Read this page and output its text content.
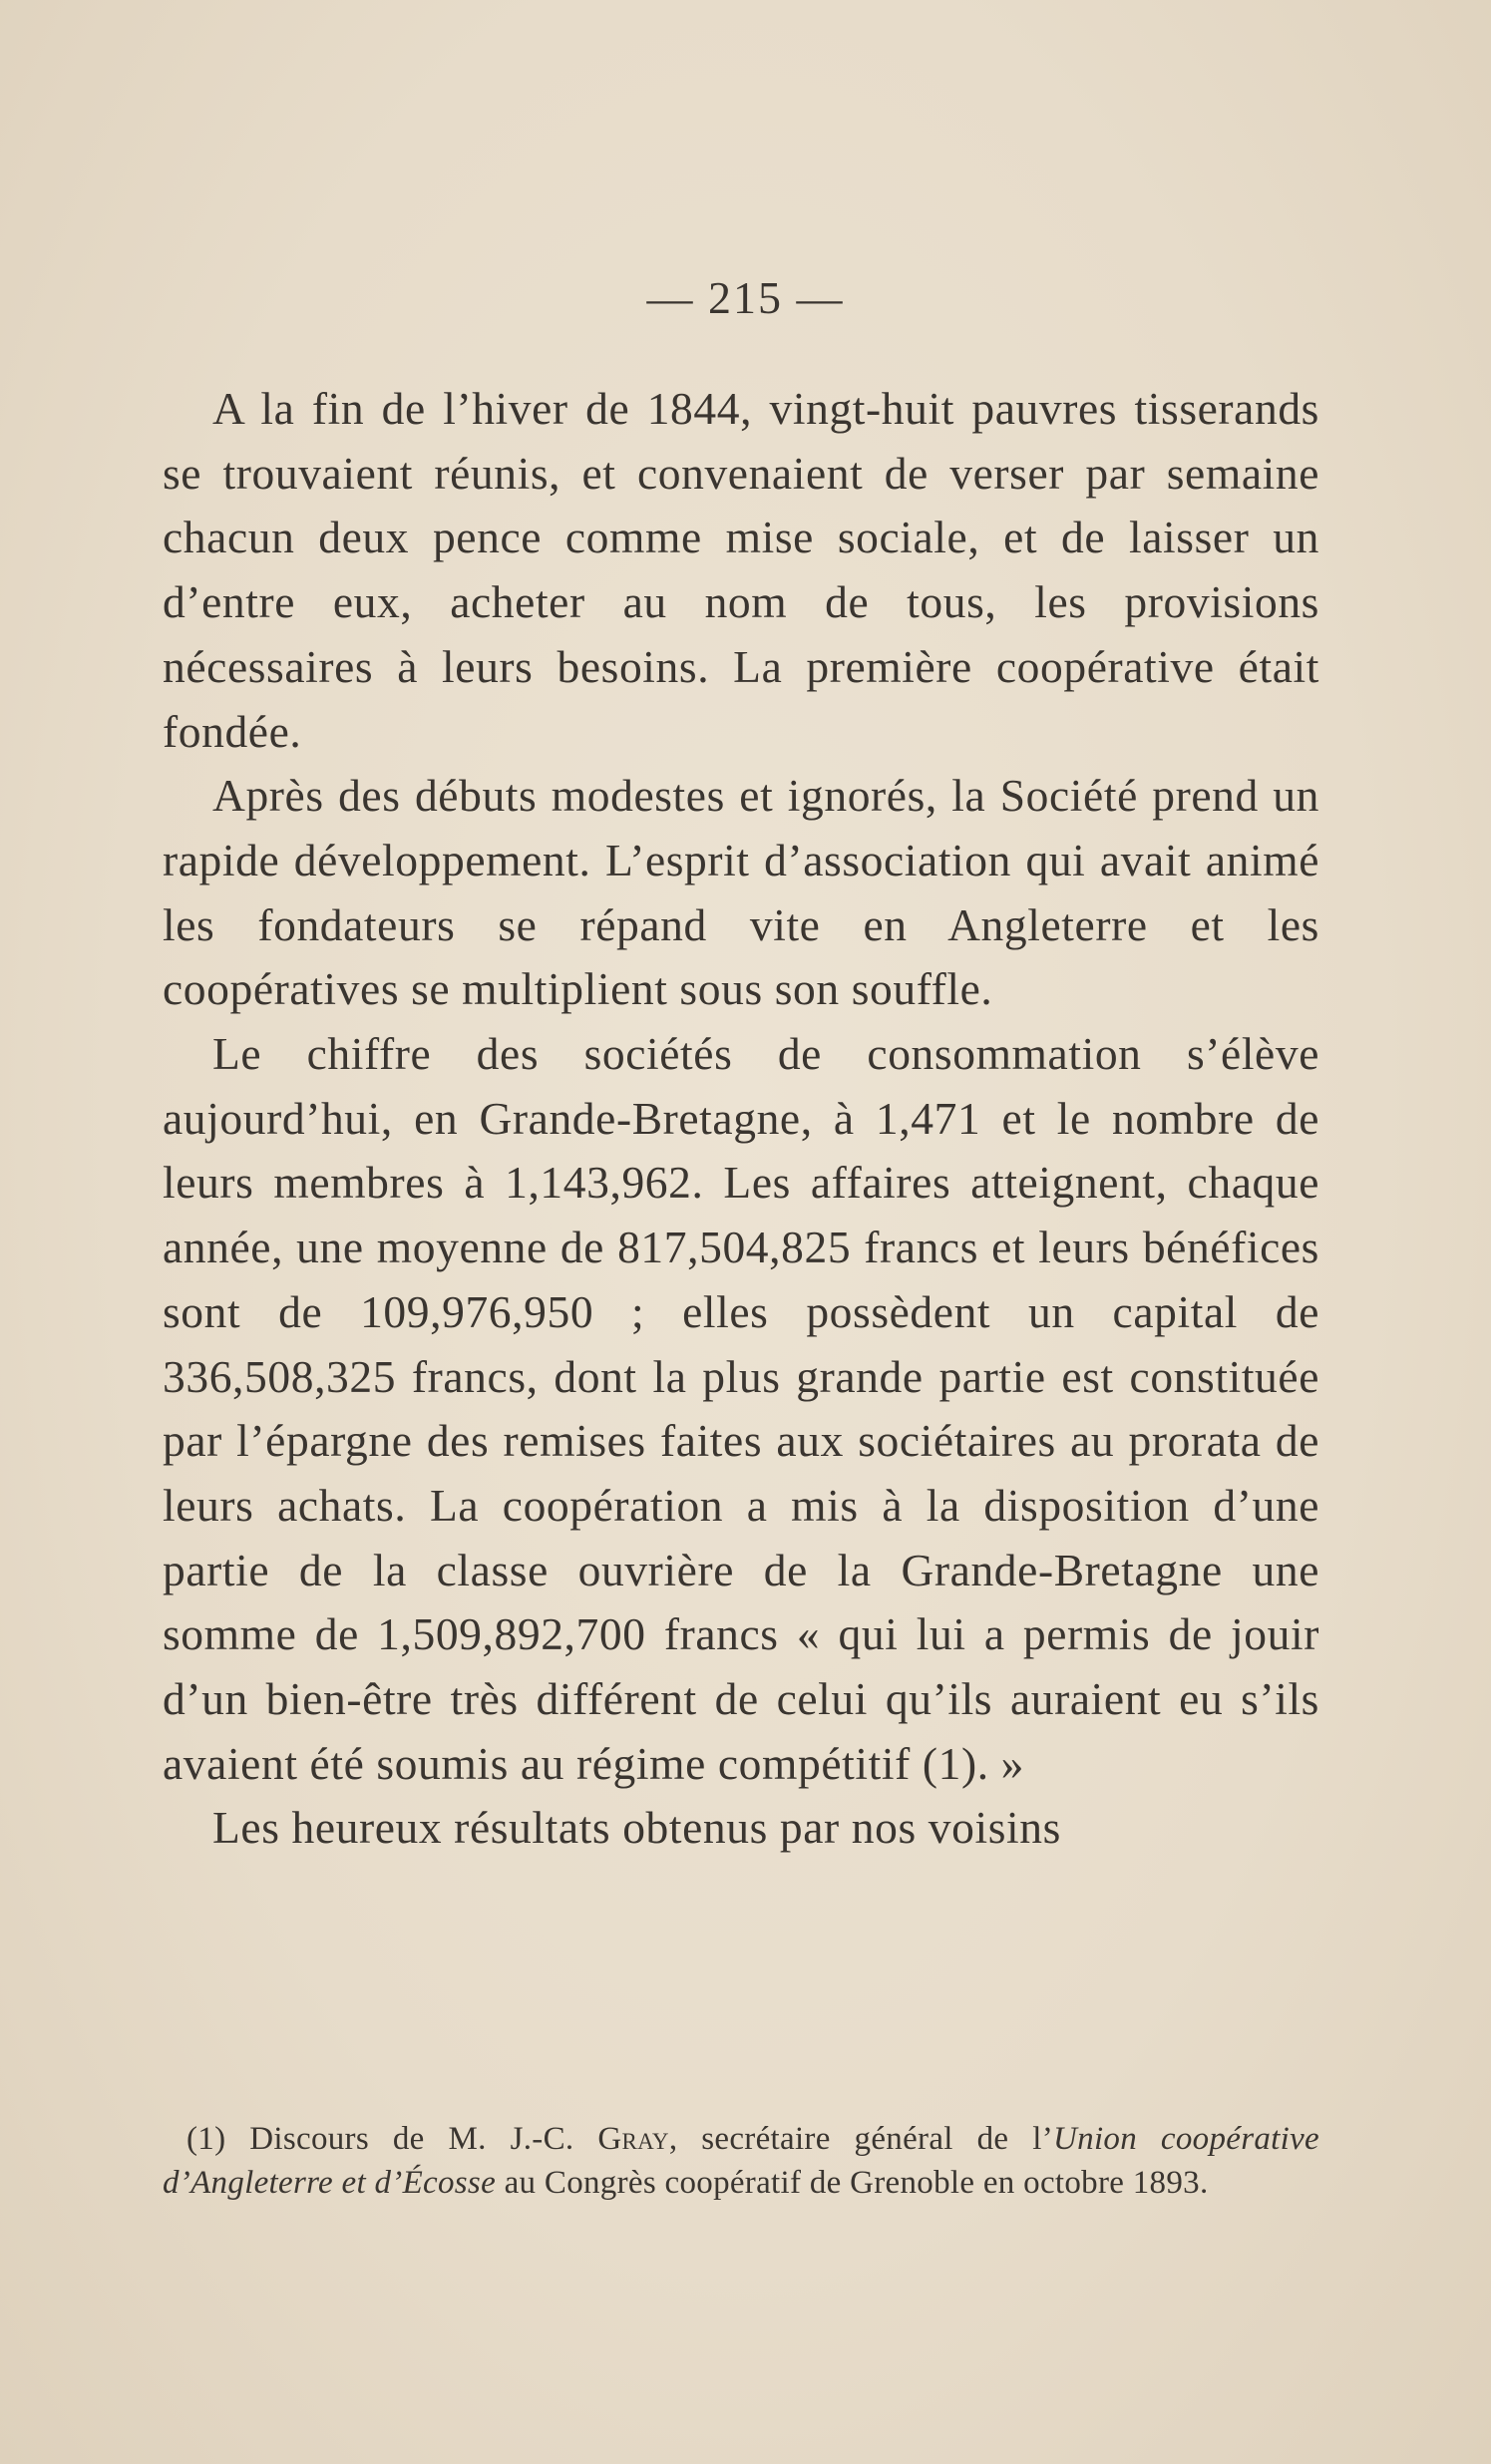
— 215 —

A la fin de l’hiver de 1844, vingt-huit pauvres tisserands se trouvaient réunis, et convenaient de verser par semaine chacun deux pence comme mise sociale, et de laisser un d’entre eux, acheter au nom de tous, les provisions nécessaires à leurs besoins. La première coopérative était fondée.

Après des débuts modestes et ignorés, la Société prend un rapide développement. L’esprit d’association qui avait animé les fondateurs se répand vite en Angleterre et les coopératives se multiplient sous son souffle.

Le chiffre des sociétés de consommation s’élève aujourd’hui, en Grande-Bretagne, à 1,471 et le nombre de leurs membres à 1,143,962. Les affaires atteignent, chaque année, une moyenne de 817,504,825 francs et leurs bénéfices sont de 109,976,950 ; elles possèdent un capital de 336,508,325 francs, dont la plus grande partie est constituée par l’épargne des remises faites aux sociétaires au prorata de leurs achats. La coopération a mis à la disposition d’une partie de la classe ouvrière de la Grande-Bretagne une somme de 1,509,892,700 francs « qui lui a permis de jouir d’un bien-être très différent de celui qu’ils auraient eu s’ils avaient été soumis au régime compétitif (1). »

Les heureux résultats obtenus par nos voisins

(1) Discours de M. J.-C. Gray, secrétaire général de l’Union coopérative d’Angleterre et d’Écosse au Congrès coopératif de Grenoble en octobre 1893.
